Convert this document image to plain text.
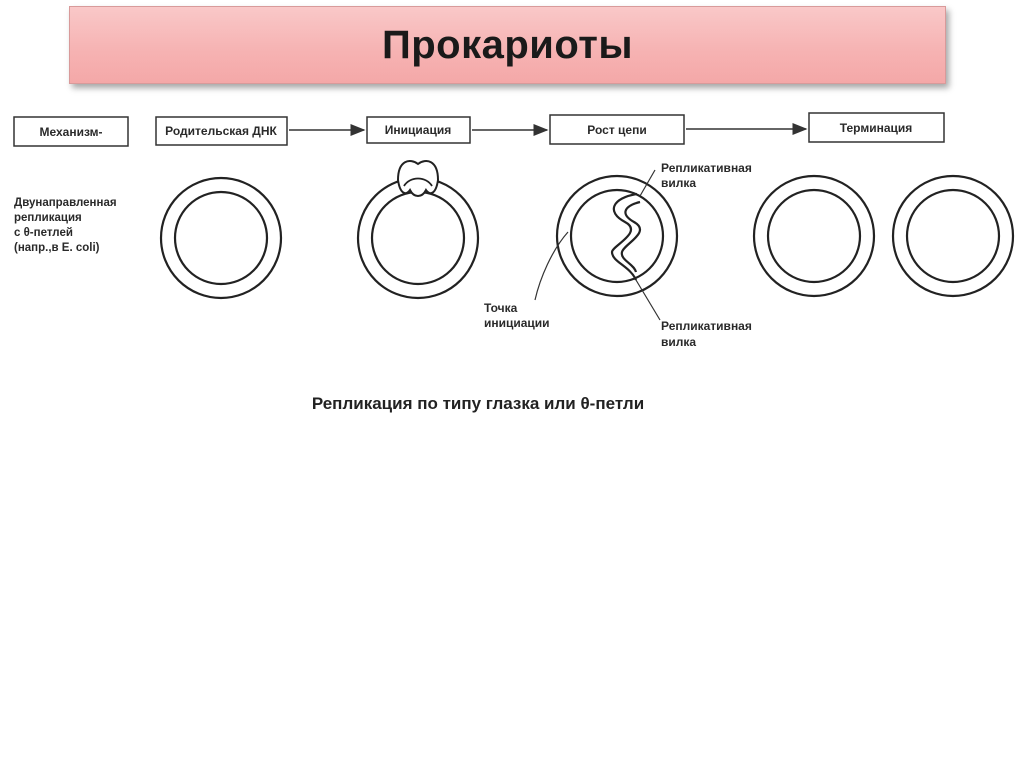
Прокариоты
Механизм-	Родительская ДНК	Инициация	Рост цепи	Терминация
Двунаправленная
репликация
с θ-петлей
(напр.,в E. coli)
Репликативная
вилка
Точка
инициации	Репликативная
вилка
Репликация по типу глазка или θ-петли
